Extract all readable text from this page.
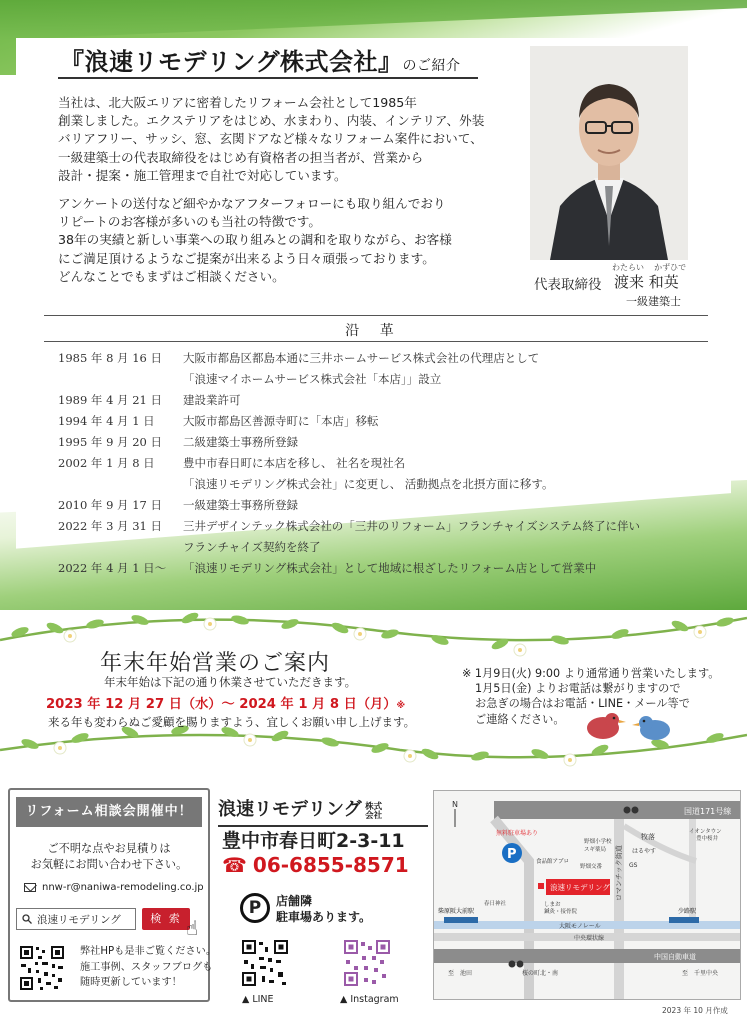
『浪速リモデリング株式会社』のご紹介

当社は、北大阪エリアに密着したリフォーム会社として1985年
創業しました。エクステリアをはじめ、水まわり、内装、インテリア、外装
バリアフリー、サッシ、窓、玄関ドアなど様々なリフォーム案件において、
一級建築士の代表取締役をはじめ有資格者の担当者が、営業から
設計・提案・施工管理まで自社で対応しています。

アンケートの送付など細やかなアフターフォローにも取り組んでおり
リピートのお客様が多いのも当社の特徴です。
38年の実績と新しい事業への取り組みとの調和を取りながら、お客様
にご満足頂けるようなご提案が出来るよう日々頑張っております。
どんなことでもまずはご相談ください。

わたらい かずひで
代表取締役 渡来 和英
一級建築士
沿 革
1985 年 8 月 16 日	大阪市都島区都島本通に三井ホームサービス株式会社の代理店として
「浪速マイホームサービス株式会社「本店」」設立
1989 年 4 月 21 日	建設業許可
1994 年 4 月 1 日	大阪市都島区善源寺町に「本店」移転
1995 年 9 月 20 日	二級建築士事務所登録
2002 年 1 月 8 日	豊中市春日町に本店を移し、 社名を現社名
「浪速リモデリング株式会社」に変更し、 活動拠点を北摂方面に移す。
2010 年 9 月 17 日	一級建築士事務所登録
2022 年 3 月 31 日	三井デザインテック株式会社の「三井のリフォーム」フランチャイズシステム終了に伴い
フランチャイズ契約を終了
2022 年 4 月 1 日～	「浪速リモデリング株式会社」として地域に根ざしたリフォーム店として営業中
年末年始営業のご案内
年末年始は下記の通り休業させていただきます。
2023 年 12 月 27 日（水）～ 2024 年 1 月 8 日（月）※
来る年も変わらぬご愛顧を賜りますよう、宜しくお願い申し上げます。
※ 1月9日(火) 9:00 より通常通り営業いたします。
1月5日(金) よりお電話は繋がりますので
お急ぎの場合はお電話・LINE・メール等で
ご連絡ください。
リフォーム相談会開催中！
ご不明な点やお見積りは
お気軽にお問い合わせ下さい。
nnw-r@naniwa-remodeling.co.jp
浪速リモデリング	検 索 ☝
弊社HPも是非ご覧ください。
施工事例、スタッフブログも
随時更新しています！
浪速リモデリング 株式
会社
豊中市春日町2-3-11
☎ 06-6855-8571
P	店舗隣
駐車場あります。
▲ LINE	▲ Instagram
国道171号線
大阪モノレール
中央環状線
中国自動車道
柴原阪大前駅	少路駅
浪速リモデリング
P
無料駐車場あり	牧落
イオンタウン
豊中桜井
野畑小学校
スギ薬局	はるやす
野畑交番
食品館アプロ	GS
ロマンチック街道
しまお
鍼灸・接骨院
春日神社
至　池田	桜の町北・南	至　千里中央
N
2023 年 10 月作成
